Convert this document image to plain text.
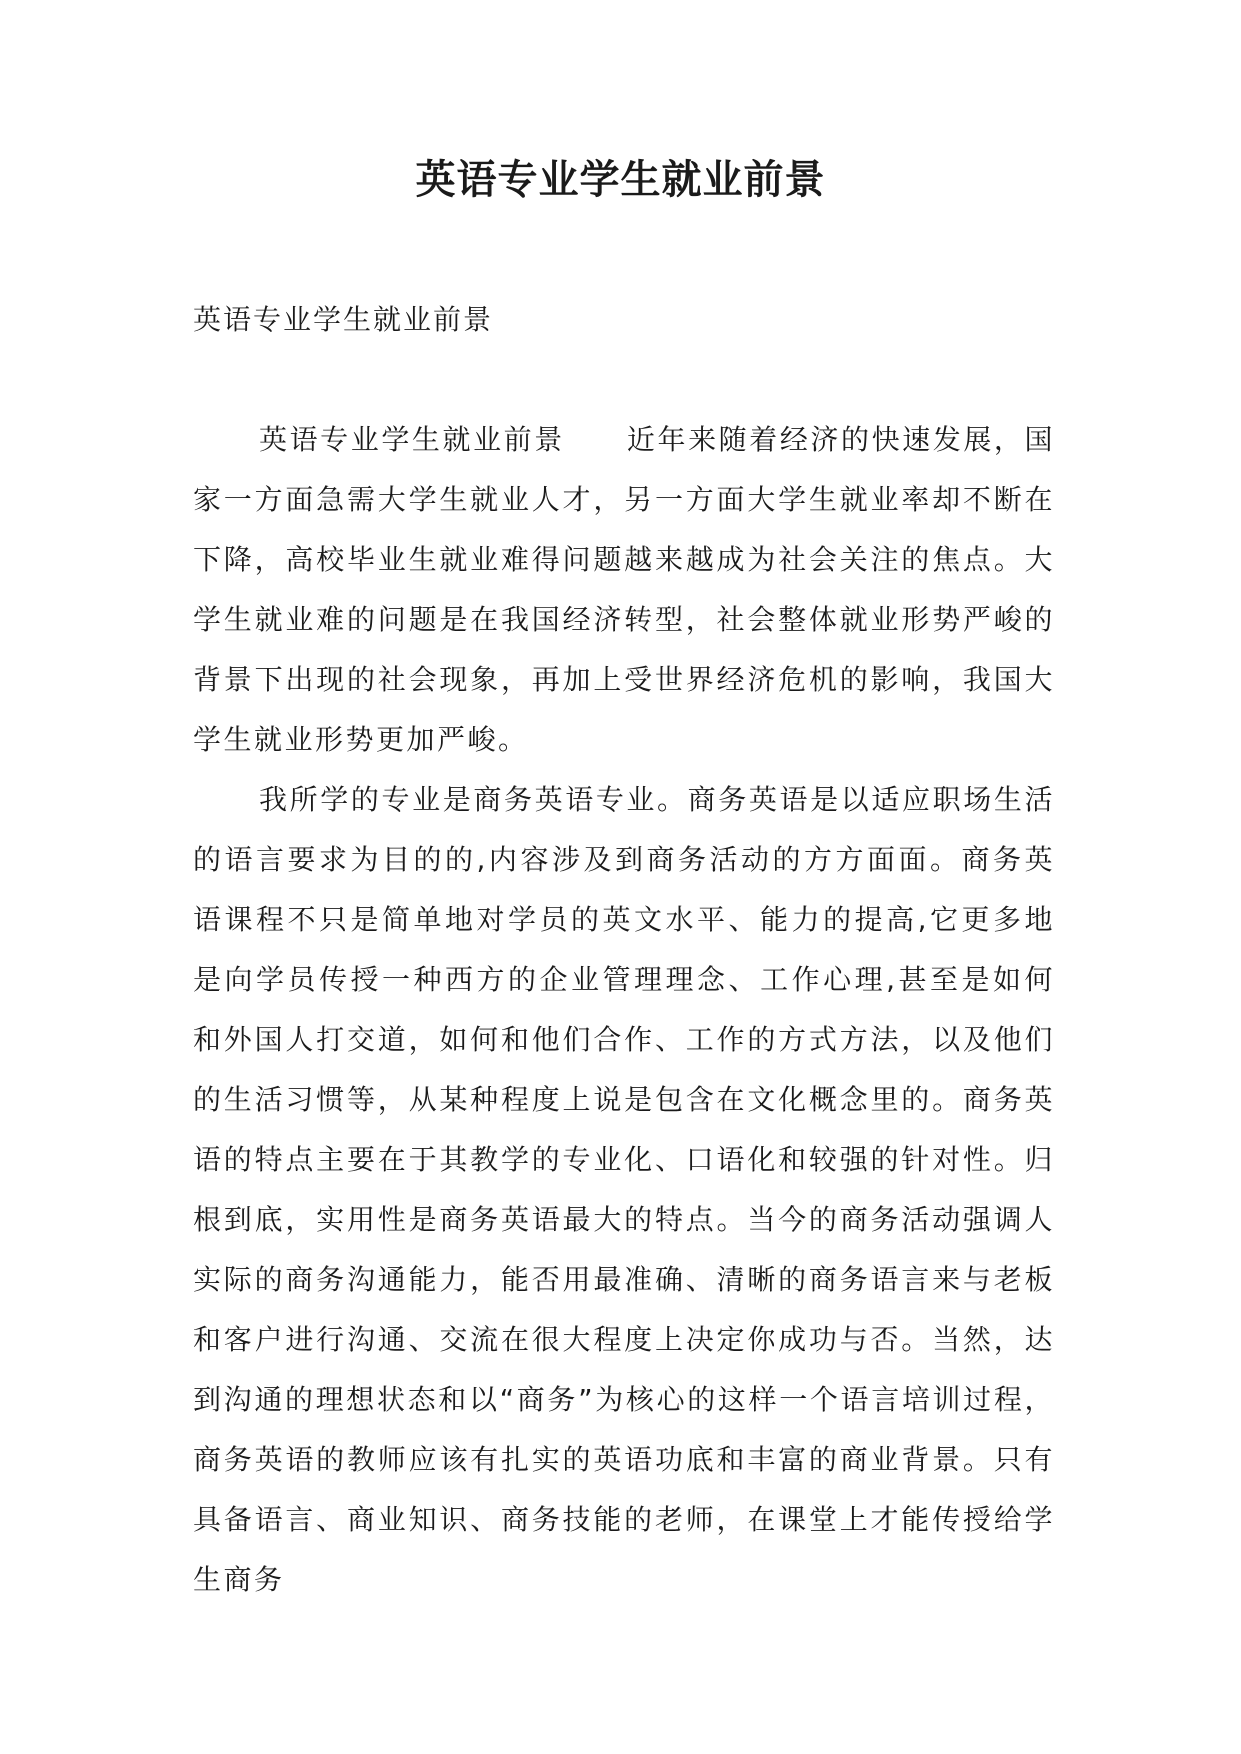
英语专业学生就业前景

英语专业学生就业前景

英语专业学生就业前景 近年来随着经济的快速发展，国家一方面急需大学生就业人才，另一方面大学生就业率却不断在下降，高校毕业生就业难得问题越来越成为社会关注的焦点。大学生就业难的问题是在我国经济转型，社会整体就业形势严峻的背景下出现的社会现象，再加上受世界经济危机的影响，我国大学生就业形势更加严峻。

我所学的专业是商务英语专业。商务英语是以适应职场生活的语言要求为目的的,内容涉及到商务活动的方方面面。商务英语课程不只是简单地对学员的英文水平、能力的提高,它更多地是向学员传授一种西方的企业管理理念、工作心理,甚至是如何和外国人打交道，如何和他们合作、工作的方式方法，以及他们的生活习惯等，从某种程度上说是包含在文化概念里的。商务英语的特点主要在于其教学的专业化、口语化和较强的针对性。归根到底，实用性是商务英语最大的特点。当今的商务活动强调人实际的商务沟通能力，能否用最准确、清晰的商务语言来与老板和客户进行沟通、交流在很大程度上决定你成功与否。当然，达到沟通的理想状态和以“商务”为核心的这样一个语言培训过程，商务英语的教师应该有扎实的英语功底和丰富的商业背景。只有具备语言、商业知识、商务技能的老师，在课堂上才能传授给学生商务
